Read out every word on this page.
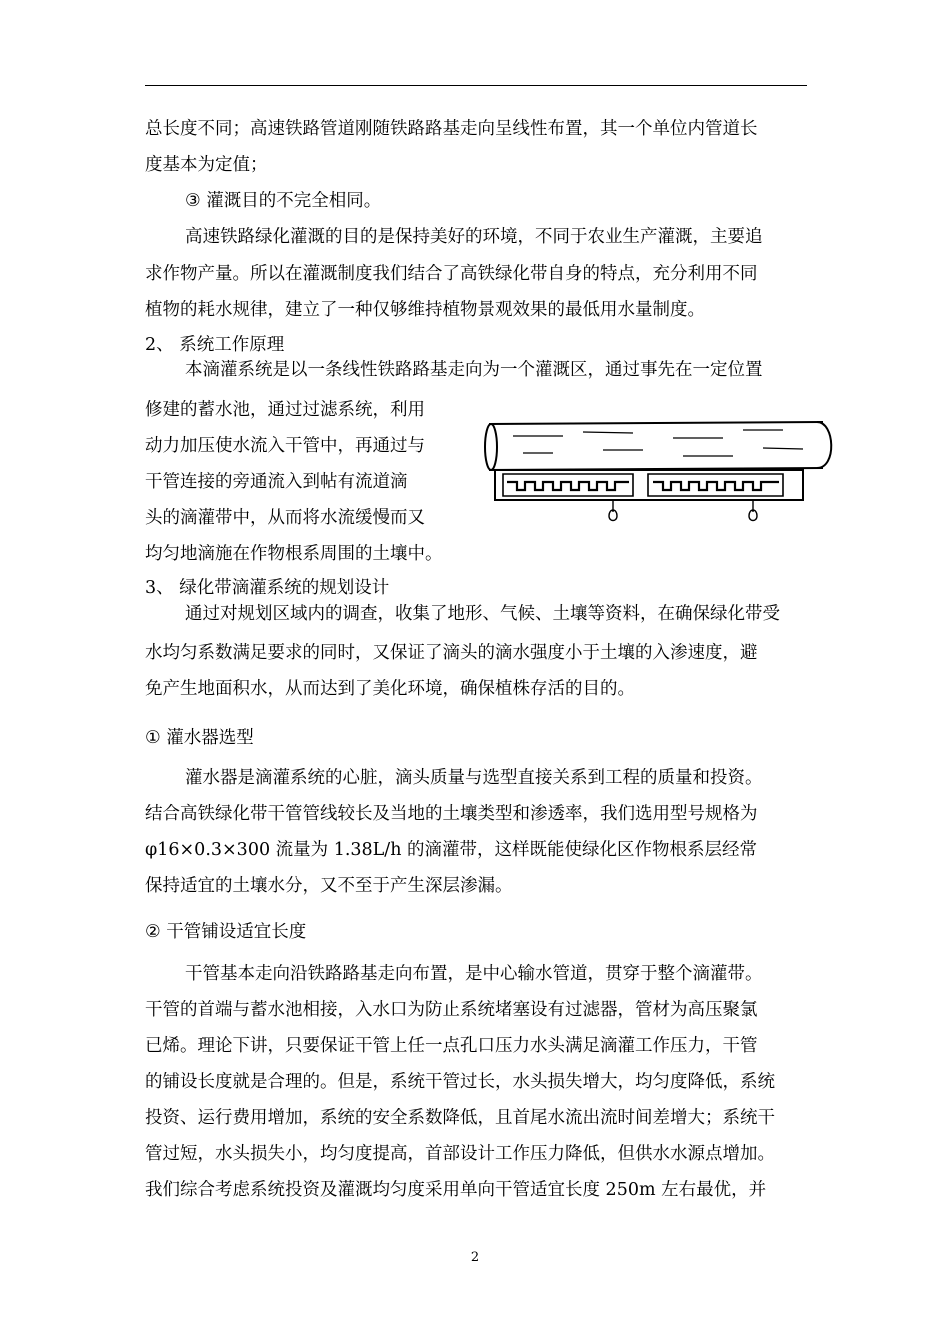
总长度不同；高速铁路管道刚随铁路路基走向呈线性布置，其一个单位内管道长
度基本为定值；
③ 灌溉目的不完全相同。
高速铁路绿化灌溉的目的是保持美好的环境，不同于农业生产灌溉，主要追
求作物产量。所以在灌溉制度我们结合了高铁绿化带自身的特点，充分利用不同
植物的耗水规律，建立了一种仅够维持植物景观效果的最低用水量制度。
2、 系统工作原理
本滴灌系统是以一条线性铁路路基走向为一个灌溉区，通过事先在一定位置
修建的蓄水池，通过过滤系统，利用
动力加压使水流入干管中，再通过与
干管连接的旁通流入到帖有流道滴
头的滴灌带中，从而将水流缓慢而又
均匀地滴施在作物根系周围的土壤中。
3、 绿化带滴灌系统的规划设计
通过对规划区域内的调查，收集了地形、气候、土壤等资料，在确保绿化带受
水均匀系数满足要求的同时，又保证了滴头的滴水强度小于土壤的入渗速度，避
免产生地面积水，从而达到了美化环境，确保植株存活的目的。
① 灌水器选型
灌水器是滴灌系统的心脏，滴头质量与选型直接关系到工程的质量和投资。
结合高铁绿化带干管管线较长及当地的土壤类型和渗透率，我们选用型号规格为
φ16×0.3×300 流量为 1.38L/h 的滴灌带，这样既能使绿化区作物根系层经常
保持适宜的土壤水分，又不至于产生深层渗漏。
② 干管铺设适宜长度
干管基本走向沿铁路路基走向布置，是中心输水管道，贯穿于整个滴灌带。
干管的首端与蓄水池相接，入水口为防止系统堵塞设有过滤器，管材为高压聚氯
已烯。理论下讲，只要保证干管上任一点孔口压力水头满足滴灌工作压力，干管
的铺设长度就是合理的。但是，系统干管过长，水头损失增大，均匀度降低，系统
投资、运行费用增加，系统的安全系数降低，且首尾水流出流时间差增大；系统干
管过短，水头损失小，均匀度提高，首部设计工作压力降低，但供水水源点增加。
我们综合考虑系统投资及灌溉均匀度采用单向干管适宜长度 250m 左右最优，并
2
